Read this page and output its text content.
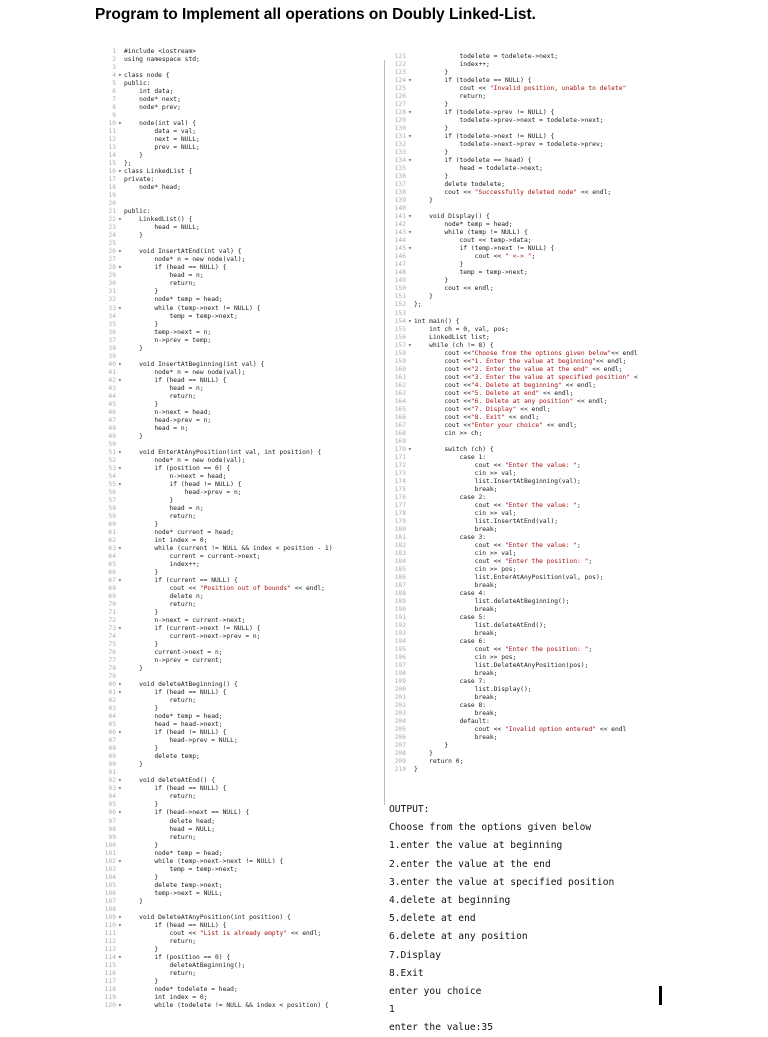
Program to Implement all operations on Doubly Linked-List.
1 #include <iostream>
2 using namespace std;
3
4 ▾ class node {
5 public:
6    int data;
7    node* next;
8    node* prev;
9
10 ▾    node(int val) {
11        data = val;
12        next = NULL;
13        prev = NULL;
14    }
15 };
16 ▾ class LinkedList {
17 private:
18    node* head;
19
20
21 public:
22 ▾    LinkedList() {
23        head = NULL;
24    }
25
26 ▾    void InsertAtEnd(int val) {
27        node* n = new node(val);
28 ▾        if (head == NULL) {
29            head = n;
30            return;
31        }
32        node* temp = head;
33 ▾        while (temp->next != NULL) {
34            temp = temp->next;
35        }
36        temp->next = n;
37        n->prev = temp;
38    }
39
40 ▾    void InsertAtBeginning(int val) {
41        node* n = new node(val);
42 ▾        if (head == NULL) {
43            head = n;
44            return;
45        }
46        n->next = head;
47        head->prev = n;
48        head = n;
49    }
50
51 ▾    void EnterAtAnyPosition(int val, int position) {
52        node* n = new node(val);
53 ▾        if (position == 0) {
54            n->next = head;
55 ▾            if (head != NULL) {
56                head->prev = n;
57            }
58            head = n;
59            return;
60        }
61        node* current = head;
62        int index = 0;
63 ▾        while (current != NULL && index < position - 1)
64            current = current->next;
65            index++;
66        }
67 ▾        if (current == NULL) {
68            cout << "Position out of bounds" << endl;
69            delete n;
70            return;
71        }
72        n->next = current->next;
73 ▾        if (current->next != NULL) {
74            current->next->prev = n;
75        }
76        current->next = n;
77        n->prev = current;
78    }
79
80 ▾    void deleteAtBeginning() {
81 ▾        if (head == NULL) {
82            return;
83        }
84        node* temp = head;
85        head = head->next;
86 ▾        if (head != NULL) {
87            head->prev = NULL;
88        }
89        delete temp;
90    }
91
92 ▾    void deleteAtEnd() {
93 ▾        if (head == NULL) {
94            return;
95        }
96 ▾        if (head->next == NULL) {
97            delete head;
98            head = NULL;
99            return;
100        }
101        node* temp = head;
102 ▾        while (temp->next->next != NULL) {
103            temp = temp->next;
104        }
105        delete temp->next;
106        temp->next = NULL;
107    }
108
109 ▾    void DeleteAtAnyPosition(int position) {
110 ▾        if (head == NULL) {
111            cout << "List is already empty" << endl;
112            return;
113        }
114 ▾        if (position == 0) {
115            deleteAtBeginning();
116            return;
117        }
118        node* todelete = head;
119        int index = 0;
120 ▾        while (todelete != NULL && index < position) {
121            todelete = todelete->next;
122            index++;
123        }
124 ▾        if (todelete == NULL) {
125            cout << "Invalid position, unable to delete"
126            return;
127        }
128 ▾        if (todelete->prev != NULL) {
129            todelete->prev->next = todelete->next;
130        }
131 ▾        if (todelete->next != NULL) {
132            todelete->next->prev = todelete->prev;
133        }
134 ▾        if (todelete == head) {
135            head = todelete->next;
136        }
137        delete todelete;
138        cout << "Successfully deleted node" << endl;
139    }
140
141 ▾    void Display() {
142        node* temp = head;
143 ▾        while (temp != NULL) {
144            cout << temp->data;
145 ▾            if (temp->next != NULL) {
146                cout << " <-> ";
147            }
148            temp = temp->next;
149        }
150        cout << endl;
151    }
152 };
153
154 ▾ int main() {
155    int ch = 0, val, pos;
156    LinkedList list;
157 ▾    while (ch != 8) {
158        cout <<"Choose from the options given below"<< endl
159        cout <<"1. Enter the value at beginning"<< endl;
160        cout <<"2. Enter the value at the end" << endl;
161        cout <<"3. Enter the value at specified position" <
162        cout <<"4. Delete at beginning" << endl;
163        cout <<"5. Delete at end" << endl;
164        cout <<"6. Delete at any position" << endl;
165        cout <<"7. Display" << endl;
166        cout <<"8. Exit" << endl;
167        cout <<"Enter your choice" << endl;
168        cin >> ch;
169
170 ▾        switch (ch) {
171            case 1:
172                cout << "Enter the value: ";
173                cin >> val;
174                list.InsertAtBeginning(val);
175                break;
176            case 2:
177                cout << "Enter the value: ";
178                cin >> val;
179                list.InsertAtEnd(val);
180                break;
181            case 3:
182                cout << "Enter the value: ";
183                cin >> val;
184                cout << "Enter the position: ";
185                cin >> pos;
186                list.EnterAtAnyPosition(val, pos);
187                break;
188            case 4:
189                list.deleteAtBeginning();
190                break;
191            case 5:
192                list.deleteAtEnd();
193                break;
194            case 6:
195                cout << "Enter the position: ";
196                cin >> pos;
197                list.DeleteAtAnyPosition(pos);
198                break;
199            case 7:
200                list.Display();
201                break;
202            case 8:
203                break;
204            default:
205                cout << "Invalid option entered" << endl
206                break;
207        }
208    }
209    return 0;
210 }
OUTPUT:
Choose from the options given below
1.enter the value at beginning
2.enter the value at the end
3.enter the value at specified position
4.delete at beginning
5.delete at end
6.delete at any position
7.Display
8.Exit
enter you choice
1
enter the value:35
